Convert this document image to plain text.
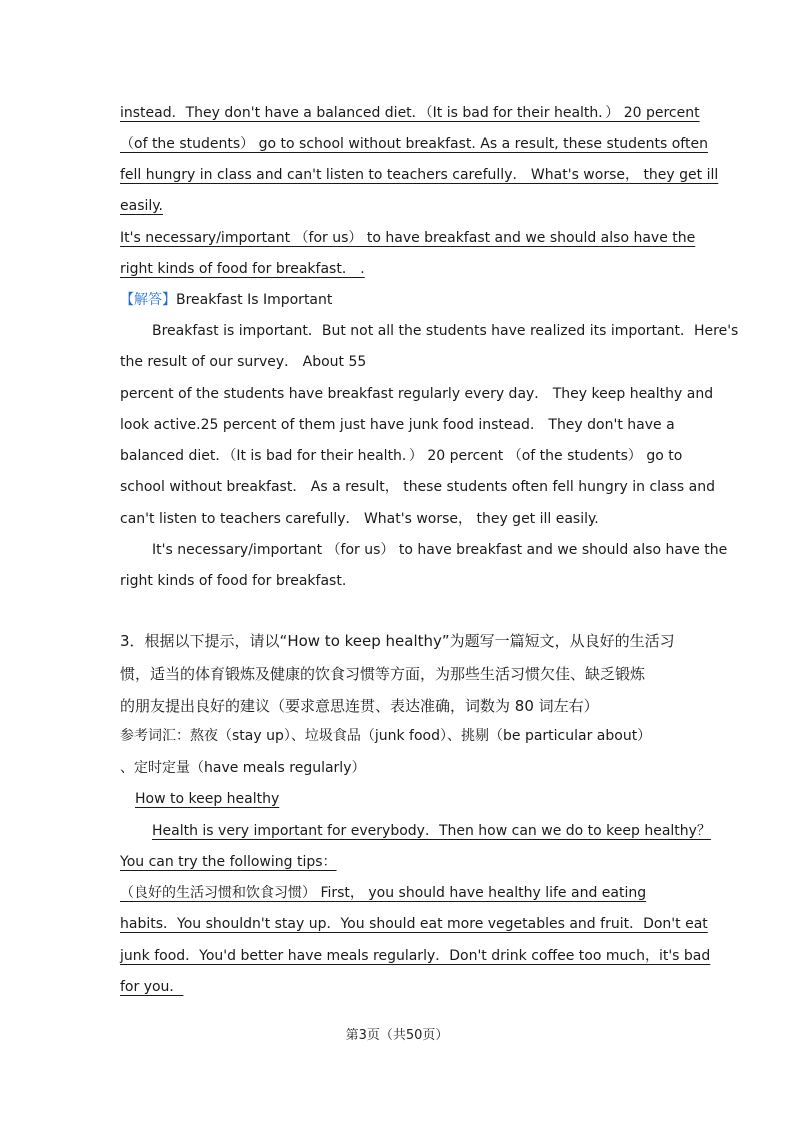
instead．They don't have a balanced diet．（It is bad for their health．） 20 percent
（of the students） go to school without breakfast. As a result, these students often
fell hungry in class and can't listen to teachers carefully． What's worse， they get ill
easily.
It's necessary/important （for us） to have breakfast and we should also have the
right kinds of food for breakfast． .
【解答】Breakfast Is Important
Breakfast is important．But not all the students have realized its important．Here's
the result of our survey． About 55
percent of the students have breakfast regularly every day． They keep healthy and
look active.25 percent of them just have junk food instead． They don't have a
balanced diet．（It is bad for their health．） 20 percent （of the students） go to
school without breakfast． As a result， these students often fell hungry in class and
can't listen to teachers carefully． What's worse， they get ill easily.
It's necessary/important （for us） to have breakfast and we should also have the
right kinds of food for breakfast.
3．根据以下提示，请以“How to keep healthy”为题写一篇短文，从良好的生活习
惯，适当的体育锻炼及健康的饮食习惯等方面，为那些生活习惯欠佳、缺乏锻炼
的朋友提出良好的建议（要求意思连贯、表达准确，词数为 80 词左右）
参考词汇：熬夜（stay up）、垃圾食品（junk food）、挑剔（be particular about）
、定时定量（have meals regularly）
How to keep healthy
Health is very important for everybody．Then how can we do to keep healthy？
You can try the following tips：
（良好的生活习惯和饮食习惯） First， you should have healthy life and eating
habits．You shouldn't stay up．You should eat more vegetables and fruit．Don't eat
junk food．You'd better have meals regularly．Don't drink coffee too much，it's bad
for you．
第3页（共50页）
